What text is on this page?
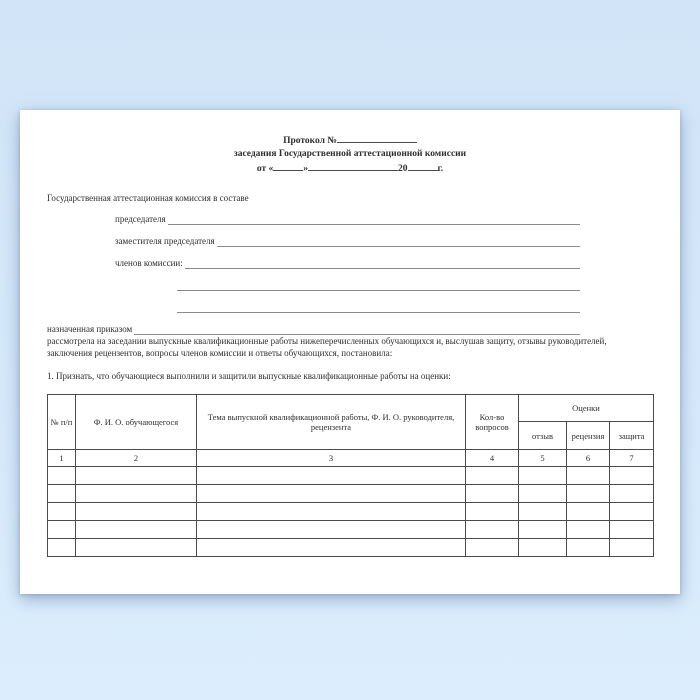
Протокол №
заседания Государственной аттестационной комиссии
от «	»	20	г.
Государственная аттестационная комиссия в составе
председателя
заместителя председателя
членов комиссии:
назначенная приказом
рассмотрела на заседании выпускные квалификационные работы нижеперечисленных обучающихся и, выслушав защиту, отзывы руководителей, заключения рецензентов, вопросы членов комиссии и ответы обучающихся, постановила:
1. Признать, что обучающиеся выполнили и защитили выпускные квалификационные работы на оценки:
№ п/п	Ф. И. О. обучающегося	Тема выпускной квалификационной работы, Ф. И. О. руководителя, рецензента	Кол-во вопросов	Оценки		
				отзыв	рецензия	защита
1	2	3	4	5	6	7
